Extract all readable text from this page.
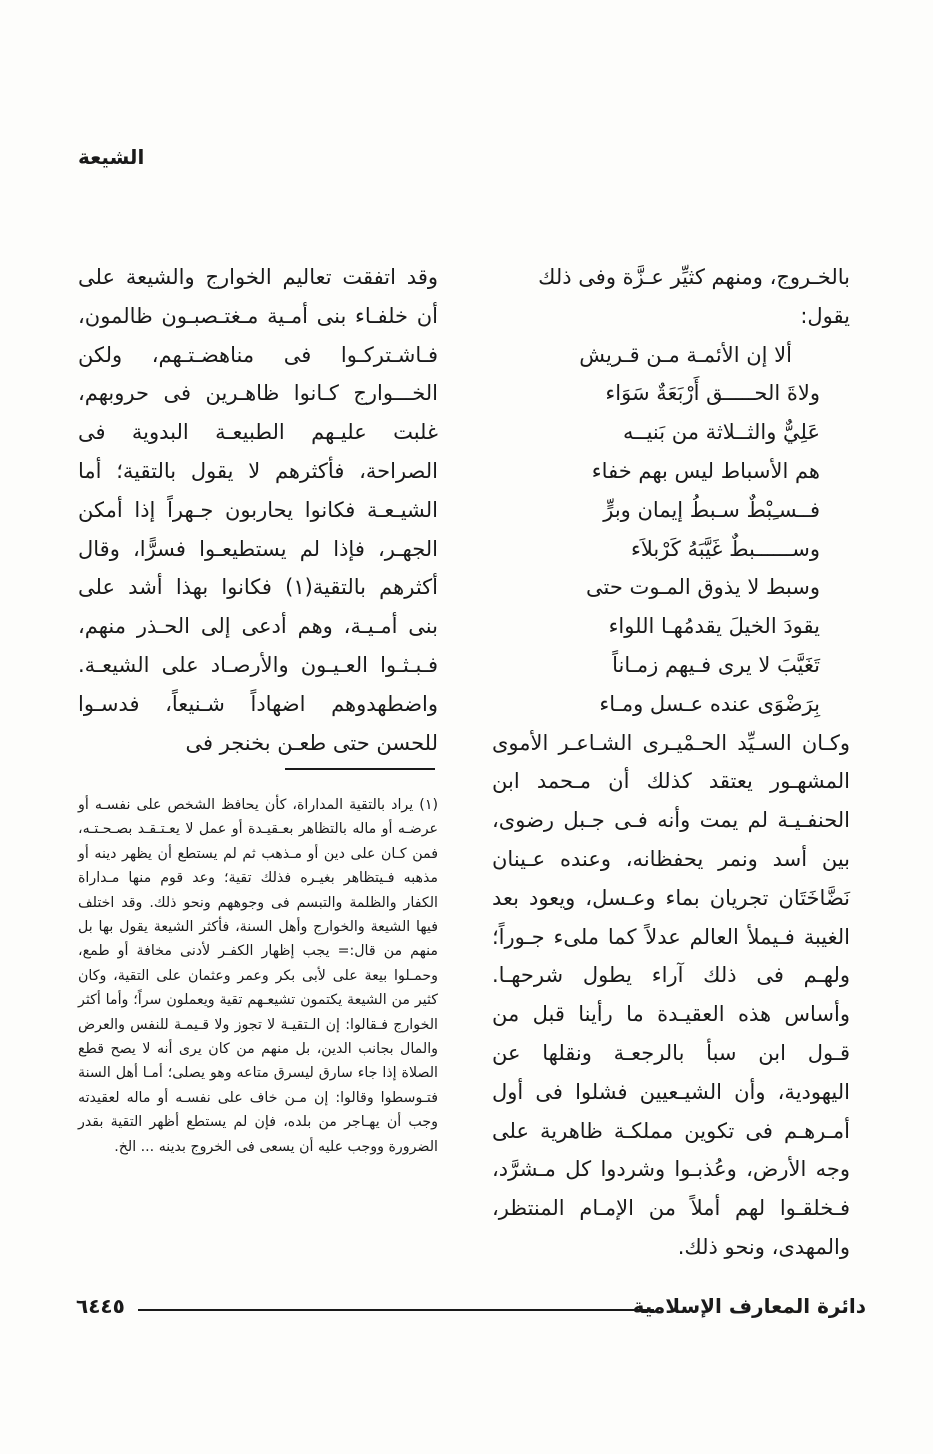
الشيعة

بالخـروج، ومنهم كثيِّر عـزَّة وفى ذلك

يقول:

ألا إن الأئمـة مـن قـريش
ولاةَ الحـــــق أَرْبَعَةٌ سَوَاء
عَلِيٌّ والثــلاثة من بَنيــه
هم الأسباط ليس بهم خفاء
فــسـِبْطٌ سـبطُ إيمان وبرٍّ
وســــــبطٌ غَيَّبَهُ كَرْبلاَء
وسبط لا يذوق المـوت حتى
يقودَ الخيلَ يقدمُهـا اللواء
تَغَيَّبَ لا يرى فـيهم زمـاناً
بِرَضْوَى عنده عـسل ومـاء

وكـان السـيِّد الحـمْيـرى الشـاعـر الأموى المشهـور يعتقد كذلك أن مـحمد ابن الحنفـيـة لم يمت وأنه فـى جـبل رضوى، بين أسد ونمر يحفظانه، وعنده عـينان نَضَّاخَتَان تجريان بماء وعـسل، ويعود بعد الغيبة فـيملأ العالم عدلاً كما ملىء جـوراً؛ ولهـم فى ذلك آراء يطول شرحهـا. وأساس هذه العقيـدة ما رأينا قبل من قـول ابن سبأ بالرجعـة ونقلها عن اليهودية، وأن الشيـعيين فشلوا فى أول أمـرهـم فى تكوين مملكـة ظاهرية على وجه الأرض، وعُذبـوا وشردوا كل مـشرَّد، فـخلقـوا لهم أملاً من الإمـام المنتظر، والمهدى، ونحو ذلك.

وقد اتفقت تعاليم الخوارج والشيعة على أن خلفـاء بنى أمـية مـغتـصبـون ظالمون، فـاشـتركـوا فى مناهضـتـهم، ولكن الخـــوارج كـانوا ظاهـرين فى حروبهم، غلبت عليـهم الطبيعـة البدوية فى الصراحة، فأكثرهم لا يقول بالتقية؛ أما الشيـعـة فكانوا يحاربون جـهراً إذا أمكن الجهـر، فإذا لم يستطيعـوا فسرًّا، وقال أكثرهم بالتقية(١) فكانوا بهذا أشد على بنى أمـيـة، وهم أدعى إلى الحـذر منهم، فـبـثـوا العـيـون والأرصـاد على الشيعـة. واضطهدوهم اضهاداً شـنيعاً، فدسـوا للحسن حتى طعـن بخنجر فى

(١) يراد بالتقية المداراة، كأن يحافظ الشخص على نفسـه أو عرضـه أو ماله بالتظاهر بعـقيـدة أو عمل لا يعـتـقـد بصـحـتـه، فمن كـان على دين أو مـذهب ثم لم يستطع أن يظهر دينه أو مذهبه فـيتظاهر بغيـره فذلك تقية؛ وعد قوم منها مـداراة الكفار والظلمة والتبسم فى وجوههم ونحو ذلك. وقد اختلف فيها الشيعة والخوارج وأهل السنة، فأكثر الشيعة يقول بها بل منهم من قال:= يجب إظهار الكفـر لأدنى مخافة أو طمع، وحمـلوا بيعة على لأبى بكر وعمر وعثمان على التقية، وكان كثير من الشيعة يكتمون تشيعـهم تقية ويعملون سراً؛ وأما أكثر الخوارج فـقالوا: إن الـتقيـة لا تجوز ولا قـيمـة للنفس والعرض والمال بجانب الدين، بل منهم من كان يرى أنه لا يصح قطع الصلاة إذا جاء سارق ليسرق متاعه وهو يصلى؛ أمـا أهل السنة فتـوسطوا وقالوا: إن مـن خاف على نفسـه أو ماله لعقيدته وجب أن يهـاجر من بلده، فإن لم يستطع أظهر التقية بقدر الضرورة ووجب عليه أن يسعى فى الخروج بدينه ... الخ.

٦٤٤٥	دائرة المعارف الإسلامية
